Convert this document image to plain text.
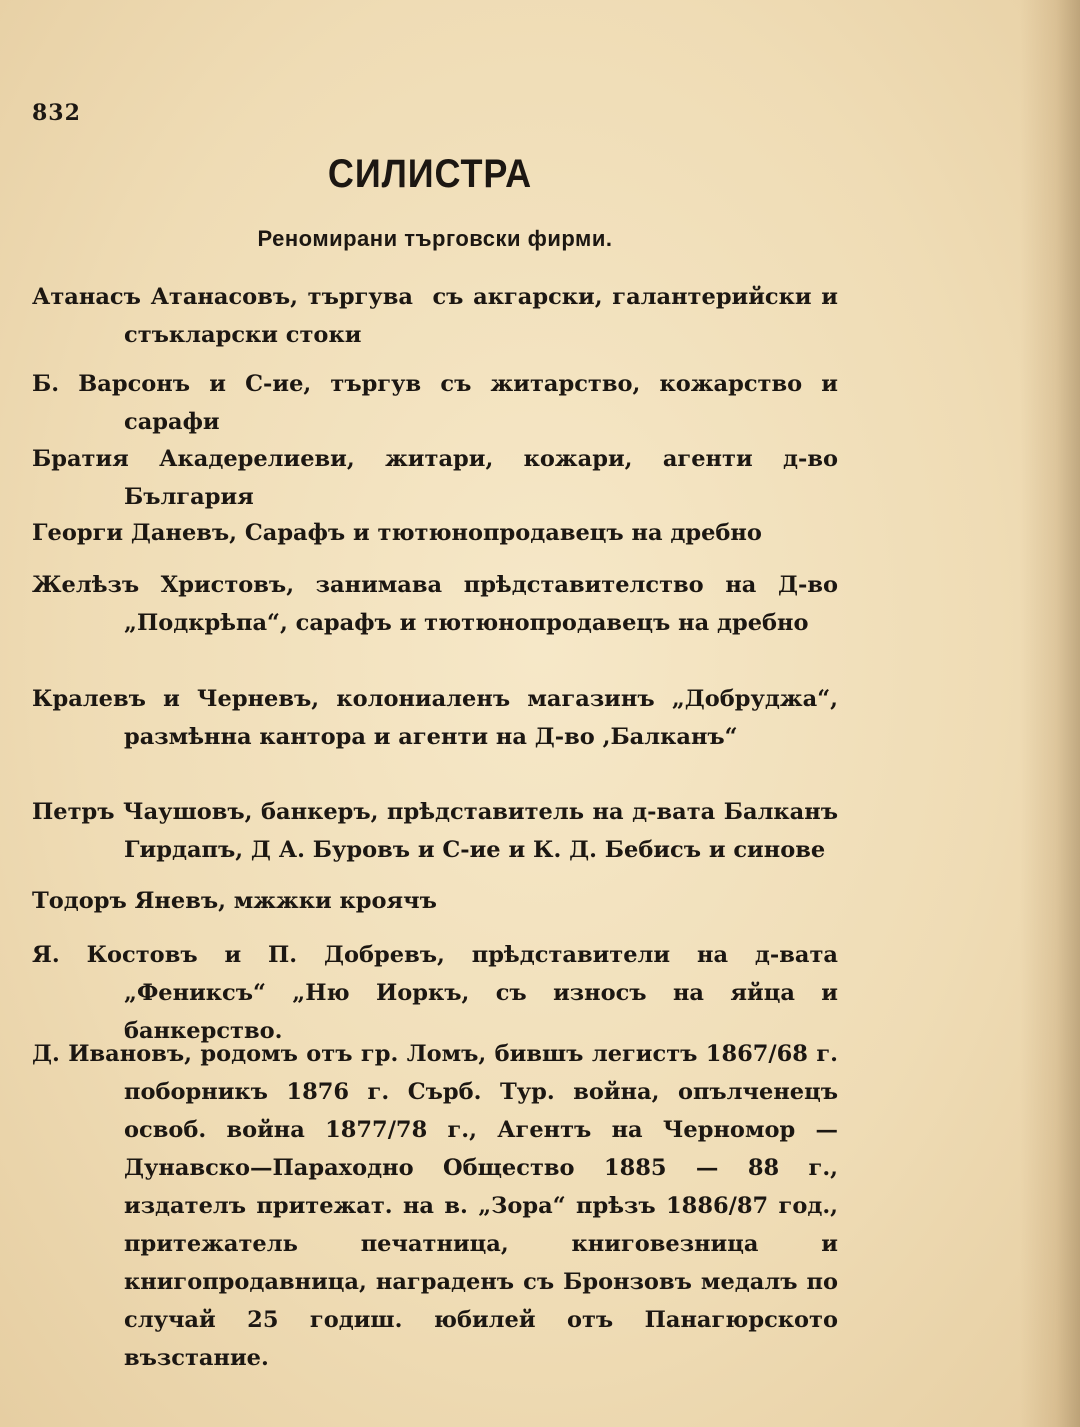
832
СИЛИСТРА
Реномирани търговски фирми.
Атанасъ Атанасовъ, търгува  съ акгарски, галантерийски и стъкларски стоки
Б. Варсонъ и С-ие, търгув съ житарство, кожарство и сарафи
Братия Акадерелиеви, житари, кожари, агенти д-во България
Георги Даневъ, Сарафъ и тютюнопродавецъ на дребно
Желѣзъ Христовъ, занимава прѣдставителство на Д-во „Подкрѣпа“, сарафъ и тютюнопродавецъ на дребно
Кралевъ и Черневъ, колониаленъ магазинъ „Добруджа“, размѣнна кантора и агенти на Д-во ,Балканъ“
Петръ Чаушовъ, банкеръ, прѣдставитель на д-вата Балканъ Гирдапъ, Д А. Буровъ и С-ие и К. Д. Бебисъ и синове
Тодоръ Яневъ, мжжки кроячъ
Я. Костовъ и П. Добревъ, прѣдставители на д-вата „Фениксъ“ „Ню Иоркъ, съ износъ на яйца и банкерство.
Д. Ивановъ, родомъ отъ гр. Ломъ, бившъ легистъ 1867/68 г. поборникъ 1876 г. Сърб. Тур. война, опълченецъ освоб. война 1877/78 г., Агентъ на Черномор — Дунавско—Параходно Общество 1885 — 88 г., издателъ притежат. на в. „Зора“ прѣзъ 1886/87 год., притежатель печатница, книговезница и книгопродавница, награденъ съ Бронзовъ медалъ по случай 25 годиш. юбилей отъ Панагюрското възстание.
